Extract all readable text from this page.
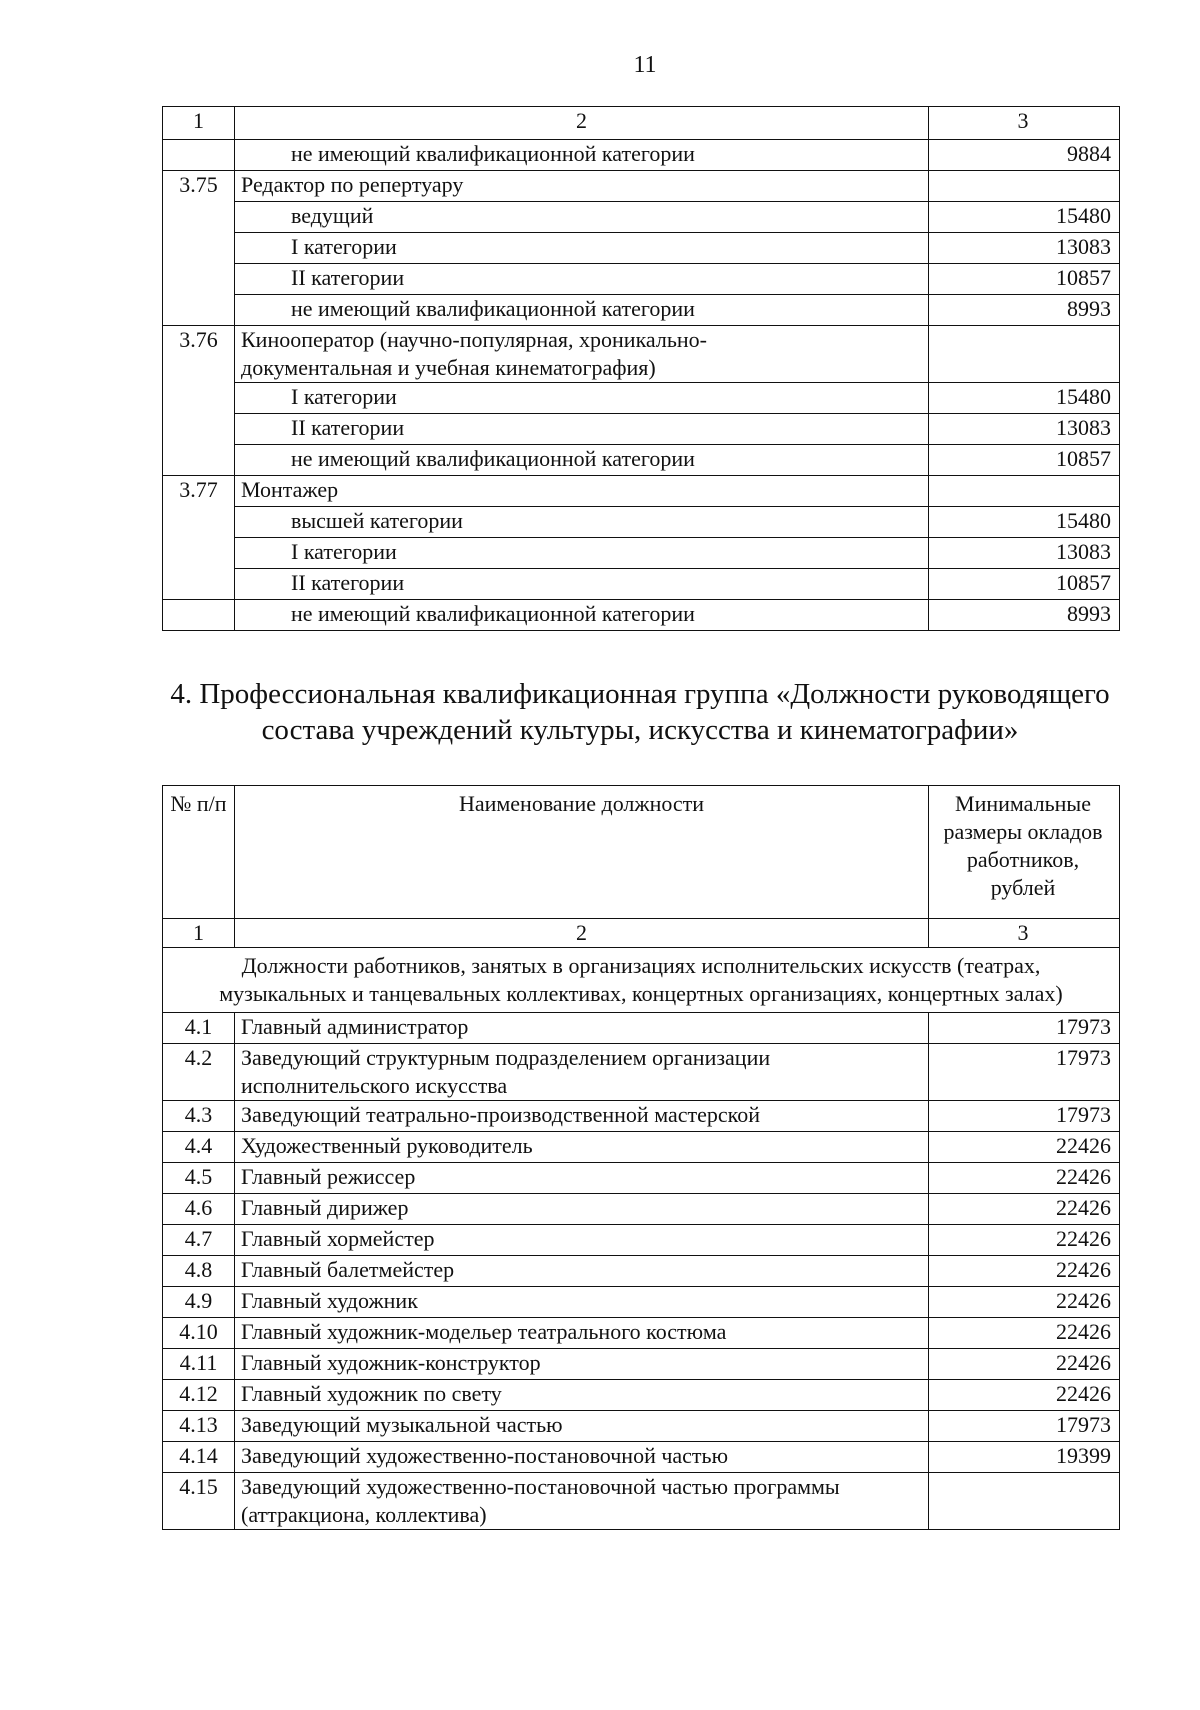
11
1	2	3
	не имеющий квалификационной категории	9884
3.75	Редактор по репертуару	
	ведущий	15480
	I категории	13083
	II категории	10857
	не имеющий квалификационной категории	8993
3.76	Кинооператор (научно-популярная, хроникально-документальная и учебная кинематография)	
	I категории	15480
	II категории	13083
	не имеющий квалификационной категории	10857
3.77	Монтажер	
	высшей категории	15480
	I категории	13083
	II категории	10857
	не имеющий квалификационной категории	8993
4. Профессиональная квалификационная группа «Должности руководящего состава учреждений культуры, искусства и кинематографии»
№ п/п	Наименование должности	Минимальные размеры окладов работников, рублей
1	2	3
Должности работников, занятых в организациях исполнительских искусств (театрах, музыкальных и танцевальных коллективах, концертных организациях, концертных залах)		
4.1	Главный администратор	17973
4.2	Заведующий структурным подразделением организации исполнительского искусства	17973
4.3	Заведующий театрально-производственной мастерской	17973
4.4	Художественный руководитель	22426
4.5	Главный режиссер	22426
4.6	Главный дирижер	22426
4.7	Главный хормейстер	22426
4.8	Главный балетмейстер	22426
4.9	Главный художник	22426
4.10	Главный художник-модельер театрального костюма	22426
4.11	Главный художник-конструктор	22426
4.12	Главный художник по свету	22426
4.13	Заведующий музыкальной частью	17973
4.14	Заведующий художественно-постановочной частью	19399
4.15	Заведующий художественно-постановочной частью программы (аттракциона, коллектива)	
